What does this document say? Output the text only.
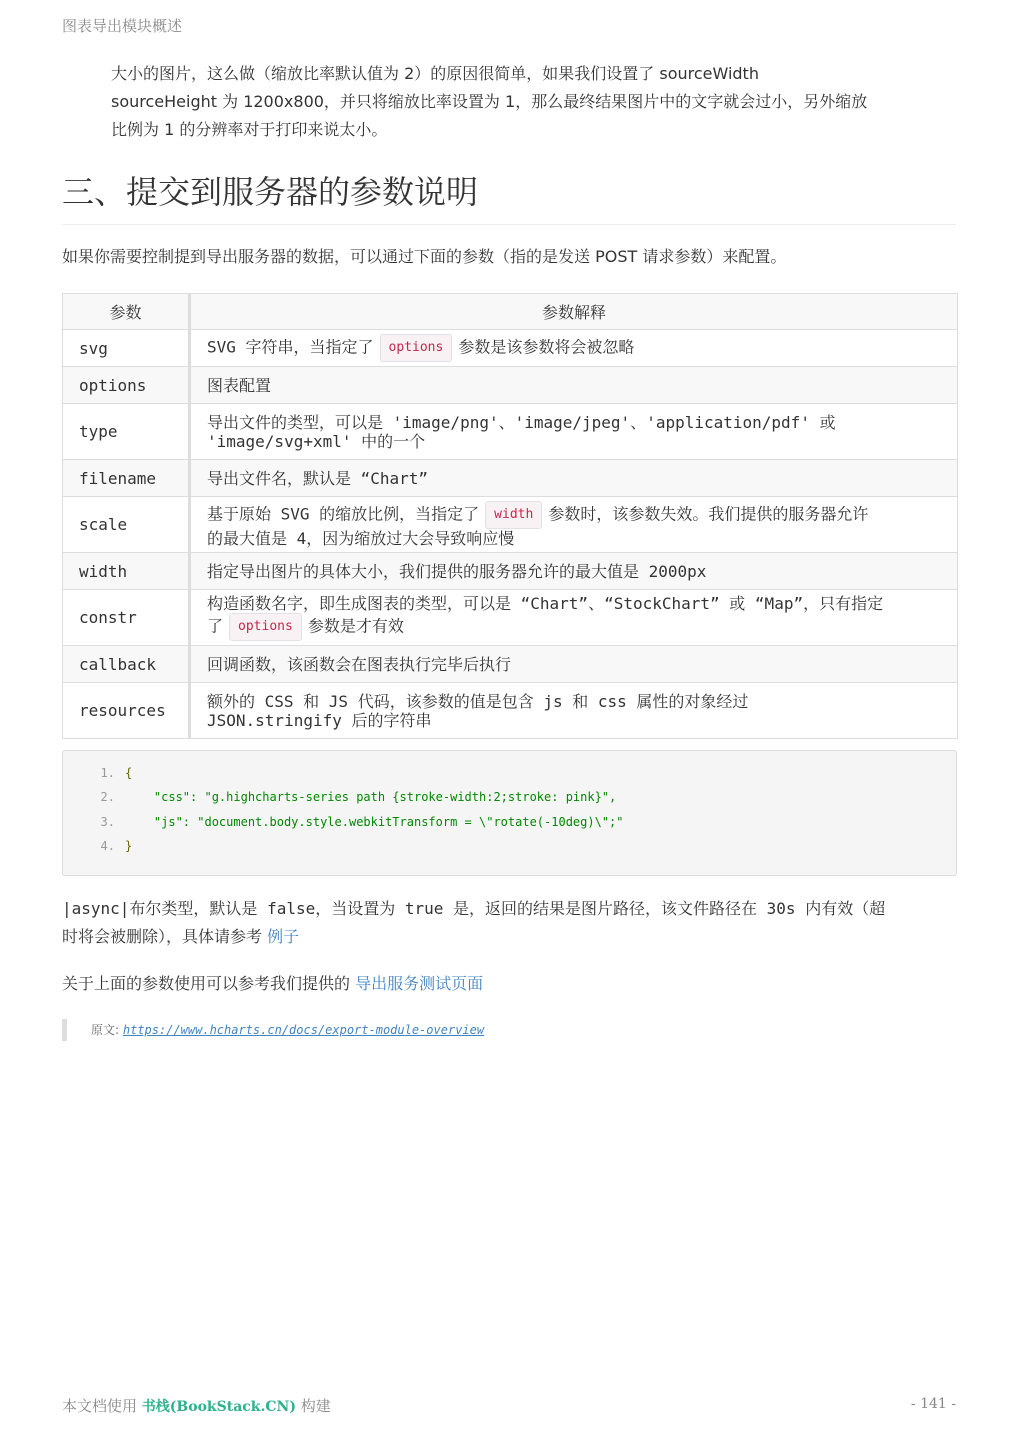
图表导出模块概述

大小的图片，这么做（缩放比率默认值为 2）的原因很简单，如果我们设置了 sourceWidth

sourceHeight 为 1200x800，并只将缩放比率设置为 1，那么最终结果图片中的文字就会过小，另外缩放

比例为 1 的分辨率对于打印来说太小。

三、提交到服务器的参数说明

如果你需要控制提到导出服务器的数据，可以通过下面的参数（指的是发送 POST 请求参数）来配置。

参数	参数解释
svg	SVG 字符串，当指定了 options 参数是该参数将会被忽略
options	图表配置
type	导出文件的类型，可以是 'image/png'、'image/jpeg'、'application/pdf' 或
'image/svg+xml' 中的一个

filename	导出文件名，默认是 “Chart”
scale	基于原始 SVG 的缩放比例，当指定了 width 参数时，该参数失效。我们提供的服务器允许
的最大值是 4，因为缩放过大会导致响应慢

width	指定导出图片的具体大小，我们提供的服务器允许的最大值是 2000px
constr	构造函数名字，即生成图表的类型，可以是 “Chart”、“StockChart” 或 “Map”，只有指定
了 options 参数是才有效

callback	回调函数，该函数会在图表执行完毕后执行
resources	额外的 CSS 和 JS 代码，该参数的值是包含 js 和 css 属性的对象经过
JSON.stringify 后的字符串
1. {
2.    "css": "g.highcharts-series path {stroke-width:2;stroke: pink}",
3.    "js": "document.body.style.webkitTransform = \"rotate(-10deg)\";"
4. }
|async|布尔类型，默认是 false，当设置为 true 是，返回的结果是图片路径，该文件路径在 30s 内有效（超
时将会被删除），具体请参考 例子
关于上面的参数使用可以参考我们提供的 导出服务测试页面
原文: https://www.hcharts.cn/docs/export-module-overview
本文档使用 书栈(BookStack.CN) 构建	- 141 -
